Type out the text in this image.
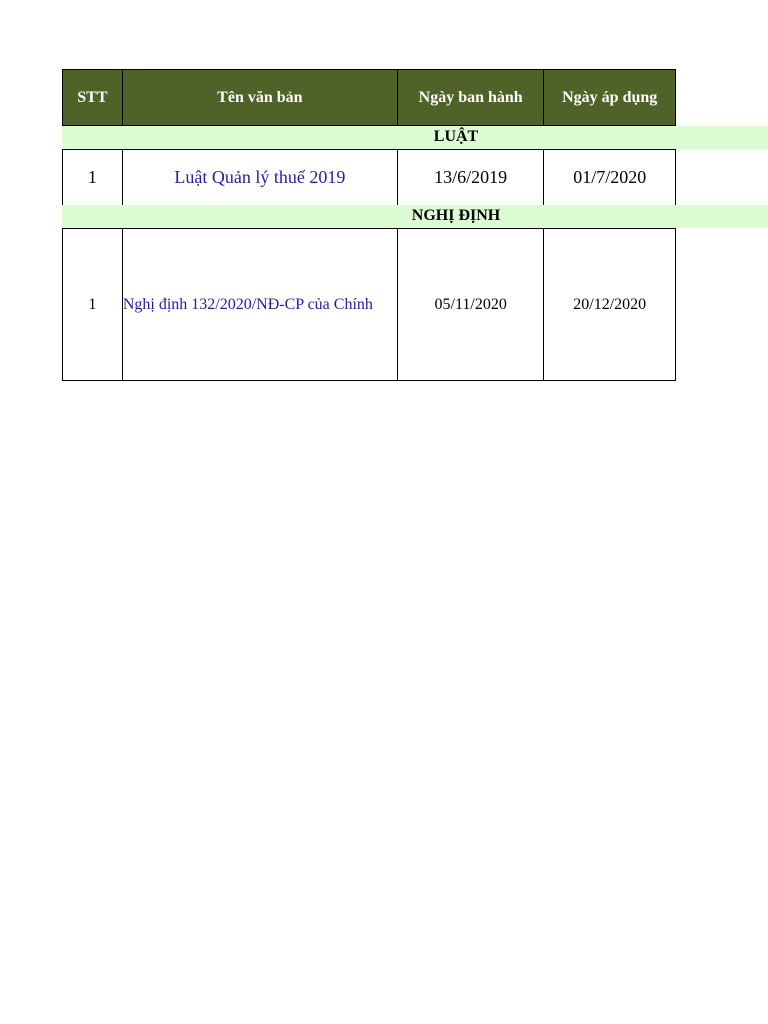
STT	Tên văn bản	Ngày ban hành	Ngày áp dụng
LUẬT
1	Luật Quản lý thuế 2019	13/6/2019	01/7/2020
NGHỊ ĐỊNH
1	Nghị định 132/2020/NĐ-CP của Chính	05/11/2020	20/12/2020
